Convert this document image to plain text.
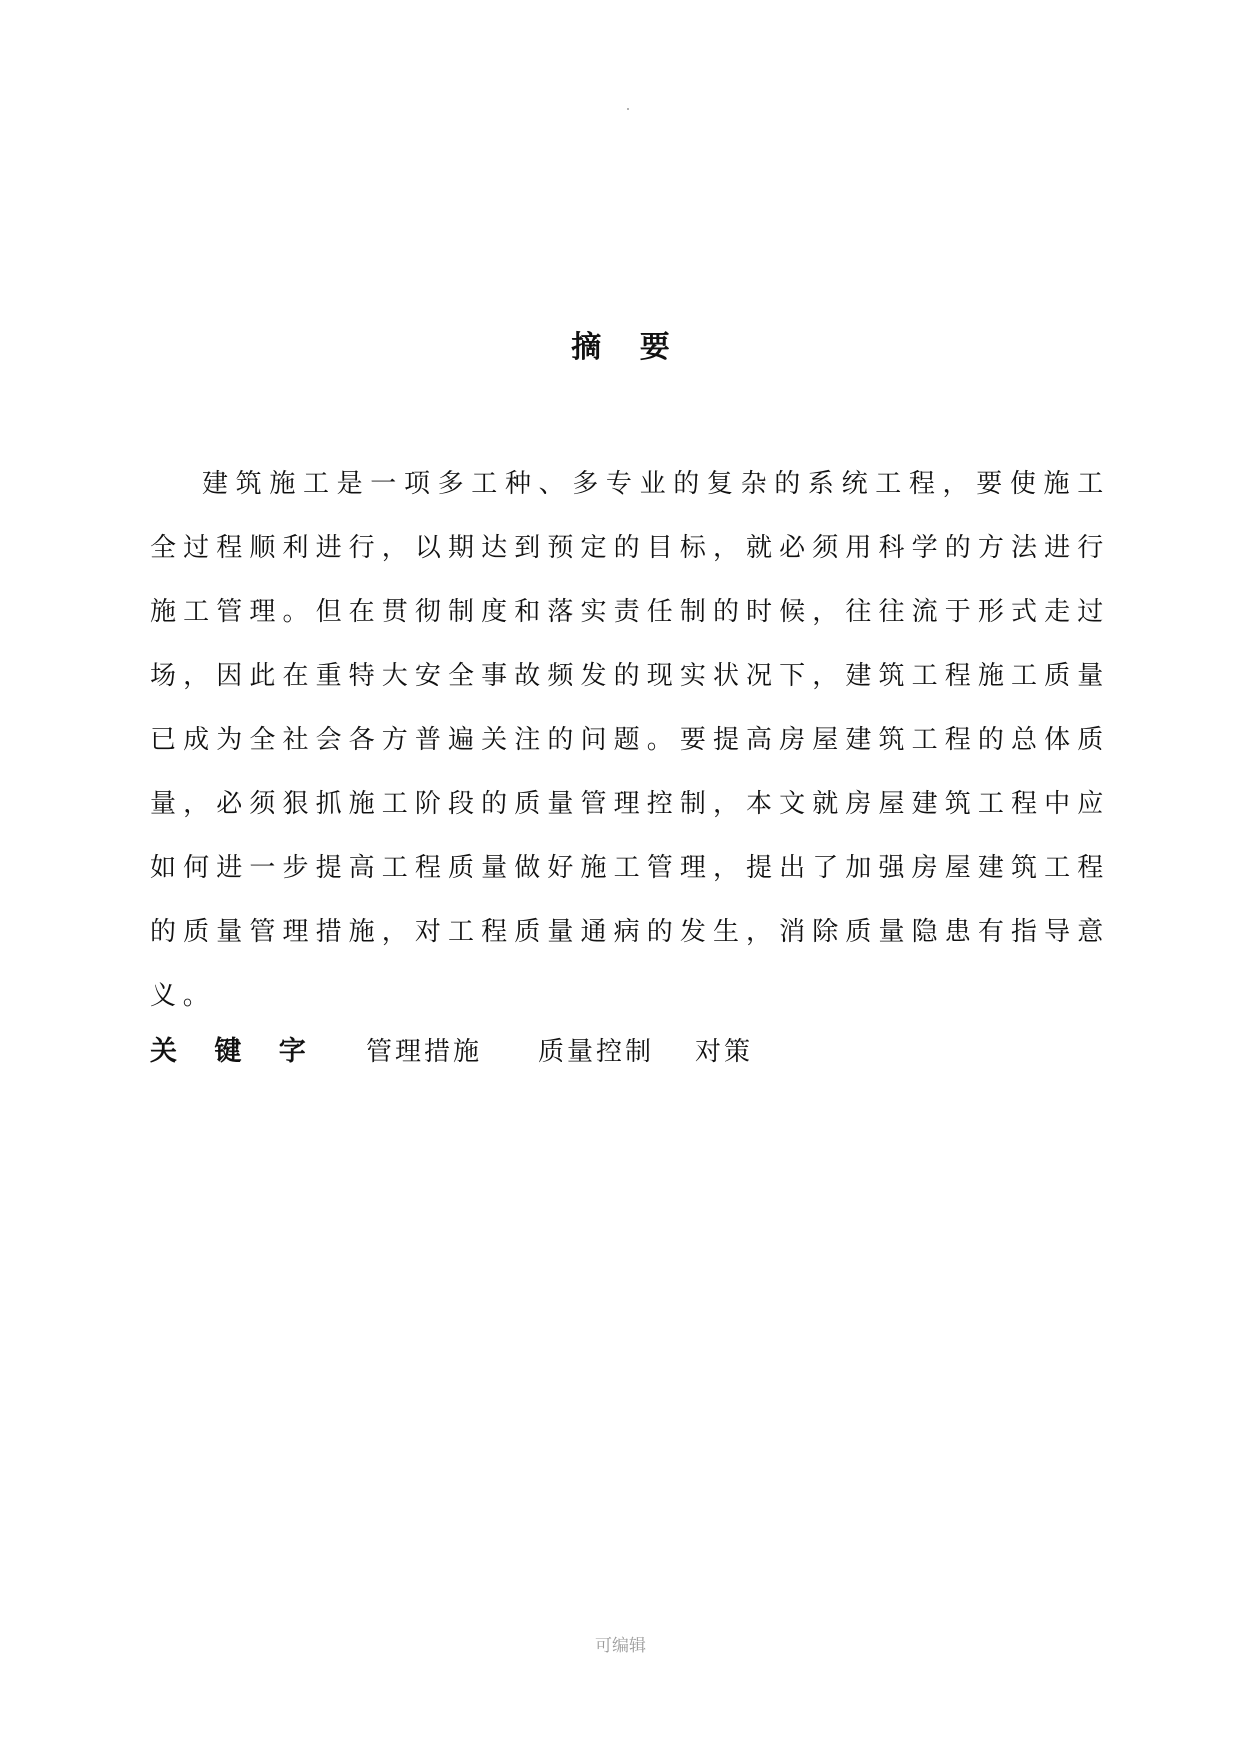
摘 要

建筑施工是一项多工种、多专业的复杂的系统工程，要使施工全过程顺利进行，以期达到预定的目标，就必须用科学的方法进行施工管理。但在贯彻制度和落实责任制的时候，往往流于形式走过场，因此在重特大安全事故频发的现实状况下，建筑工程施工质量已成为全社会各方普遍关注的问题。要提高房屋建筑工程的总体质量，必须狠抓施工阶段的质量管理控制，本文就房屋建筑工程中应如何进一步提高工程质量做好施工管理，提出了加强房屋建筑工程的质量管理措施，对工程质量通病的发生，消除质量隐患有指导意义。

关 键 字 管理措施 质量控制 对策
可编辑
